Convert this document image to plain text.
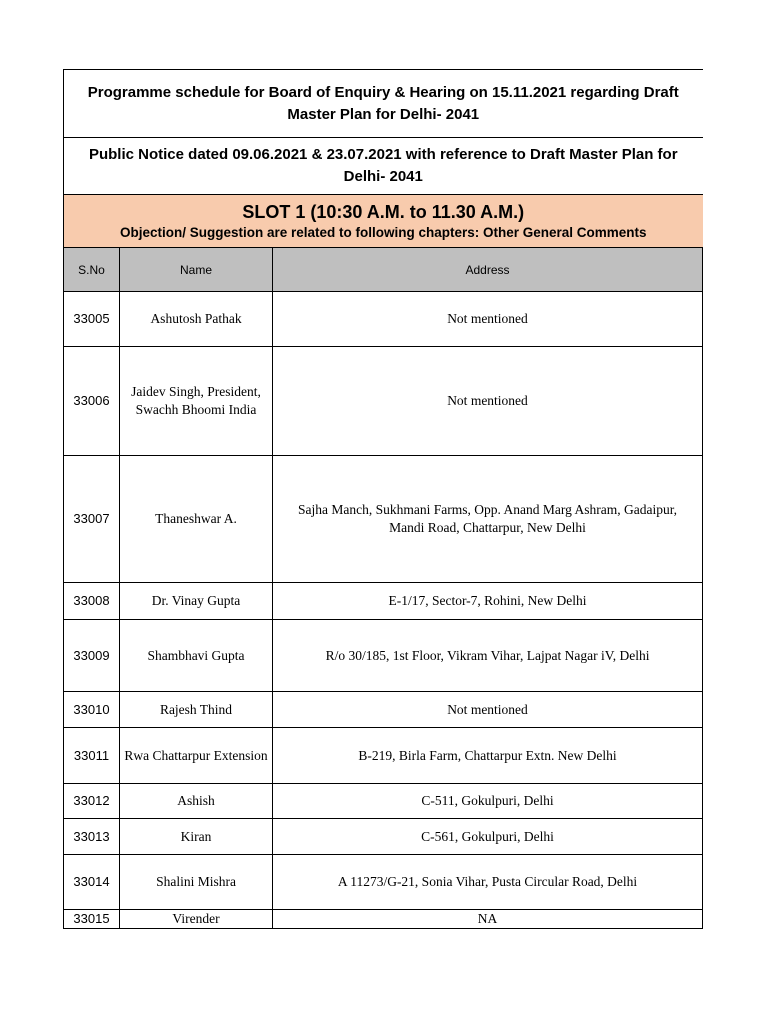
Programme schedule for Board of Enquiry & Hearing on 15.11.2021 regarding Draft Master Plan for Delhi- 2041		
Public Notice dated 09.06.2021 & 23.07.2021 with reference to Draft Master Plan for Delhi- 2041		

SLOT 1 (10:30 A.M. to 11.30 A.M.)
Objection/ Suggestion are related to following chapters: Other General Comments		

S.No	Name	Address
33005	Ashutosh Pathak	Not mentioned
33006	Jaidev Singh, President, Swachh Bhoomi India	Not mentioned
33007	Thaneshwar A.	Sajha Manch, Sukhmani Farms, Opp. Anand Marg Ashram, Gadaipur, Mandi Road, Chattarpur, New Delhi
33008	Dr. Vinay Gupta	E-1/17, Sector-7, Rohini, New Delhi
33009	Shambhavi Gupta	R/o 30/185, 1st Floor, Vikram Vihar, Lajpat Nagar iV, Delhi
33010	Rajesh Thind	Not mentioned
33011	Rwa Chattarpur Extension	B-219, Birla Farm, Chattarpur Extn. New Delhi
33012	Ashish	C-511, Gokulpuri, Delhi
33013	Kiran	C-561, Gokulpuri, Delhi
33014	Shalini Mishra	A 11273/G-21, Sonia Vihar, Pusta Circular Road, Delhi
33015	Virender	NA
